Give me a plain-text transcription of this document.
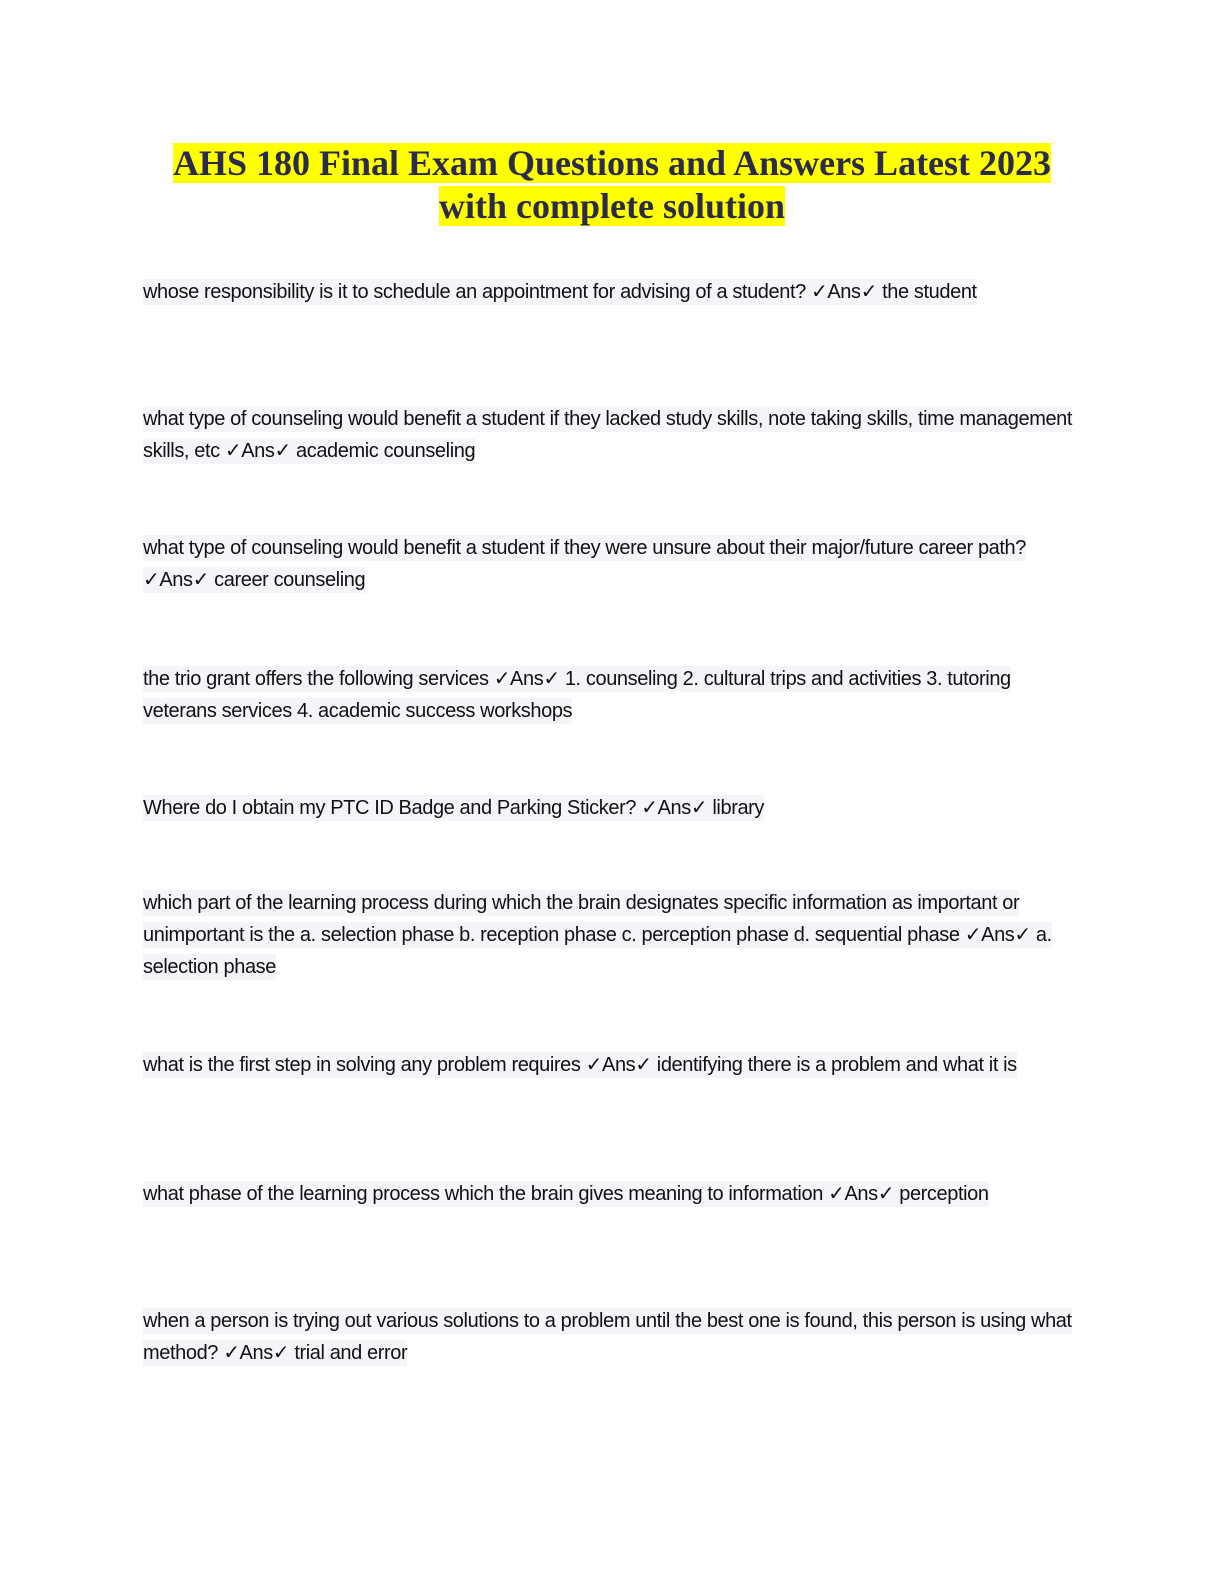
AHS 180 Final Exam Questions and Answers Latest 2023
with complete solution
whose responsibility is it to schedule an appointment for advising of a student? ✓Ans✓ the student
what type of counseling would benefit a student if they lacked study skills, note taking skills, time management skills, etc ✓Ans✓ academic counseling
what type of counseling would benefit a student if they were unsure about their major/future career path? ✓Ans✓ career counseling
the trio grant offers the following services ✓Ans✓ 1. counseling 2. cultural trips and activities 3. tutoring veterans services 4. academic success workshops
Where do I obtain my PTC ID Badge and Parking Sticker? ✓Ans✓ library
which part of the learning process during which the brain designates specific information as important or unimportant is the a. selection phase b. reception phase c. perception phase d. sequential phase ✓Ans✓ a. selection phase
what is the first step in solving any problem requires ✓Ans✓ identifying there is a problem and what it is
what phase of the learning process which the brain gives meaning to information ✓Ans✓ perception
when a person is trying out various solutions to a problem until the best one is found, this person is using what method? ✓Ans✓ trial and error
